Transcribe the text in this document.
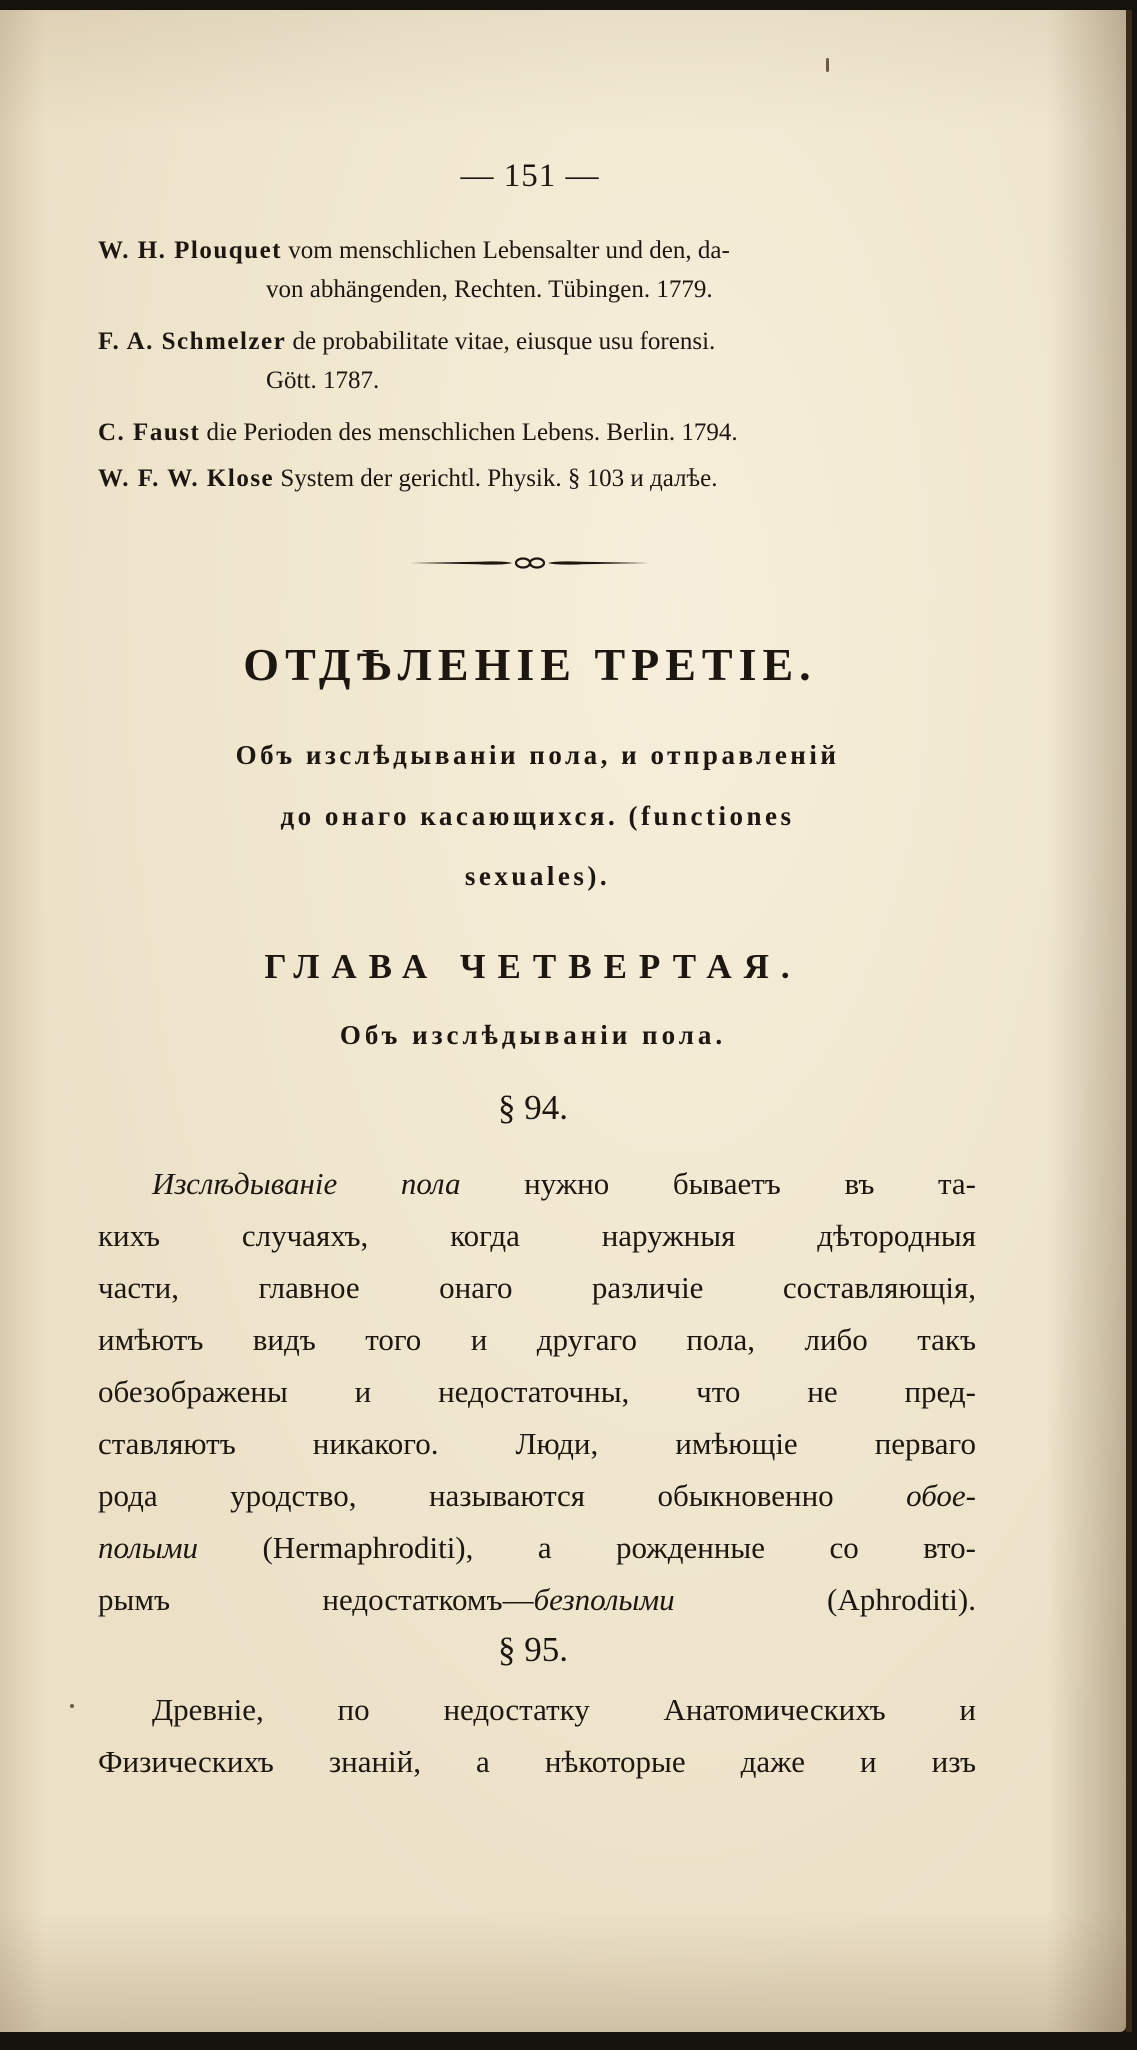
— 151 —
W. H. Plouquet vom menschlichen Lebensalter und den, da-
von abhängenden, Rechten. Tübingen. 1779.
F. A. Schmelzer de probabilitate vitae, eiusque usu forensi.
Gött. 1787.
C. Faust die Perioden des menschlichen Lebens. Berlin. 1794.
W. F. W. Klose System der gerichtl. Physik. § 103 и далѣе.
ОТДѢЛЕНІЕ ТРЕТІЕ.
Объ изслѣдываніи пола, и отправленій
до онаго касающихся. (functiones
sexuales).
ГЛАВА ЧЕТВЕРТАЯ.
Объ изслѣдываніи пола.
§ 94.
Изслѣдываніе пола нужно бываетъ въ та-
кихъ случаяхъ, когда наружныя дѣтородныя
части, главное онаго различіе составляющія,
имѣютъ видъ того и другаго пола, либо такъ
обезображены и недостаточны, что не пред-
ставляютъ никакого. Люди, имѣющіе перваго
рода уродство, называются обыкновенно обое-
полыми (Hermaphroditi), а рожденные со вто-
рымъ недостаткомъ—безполыми (Aphroditi).
§ 95.
Древніе, по недостатку Анатомическихъ и
Физическихъ знаній, а нѣкоторые даже и изъ
